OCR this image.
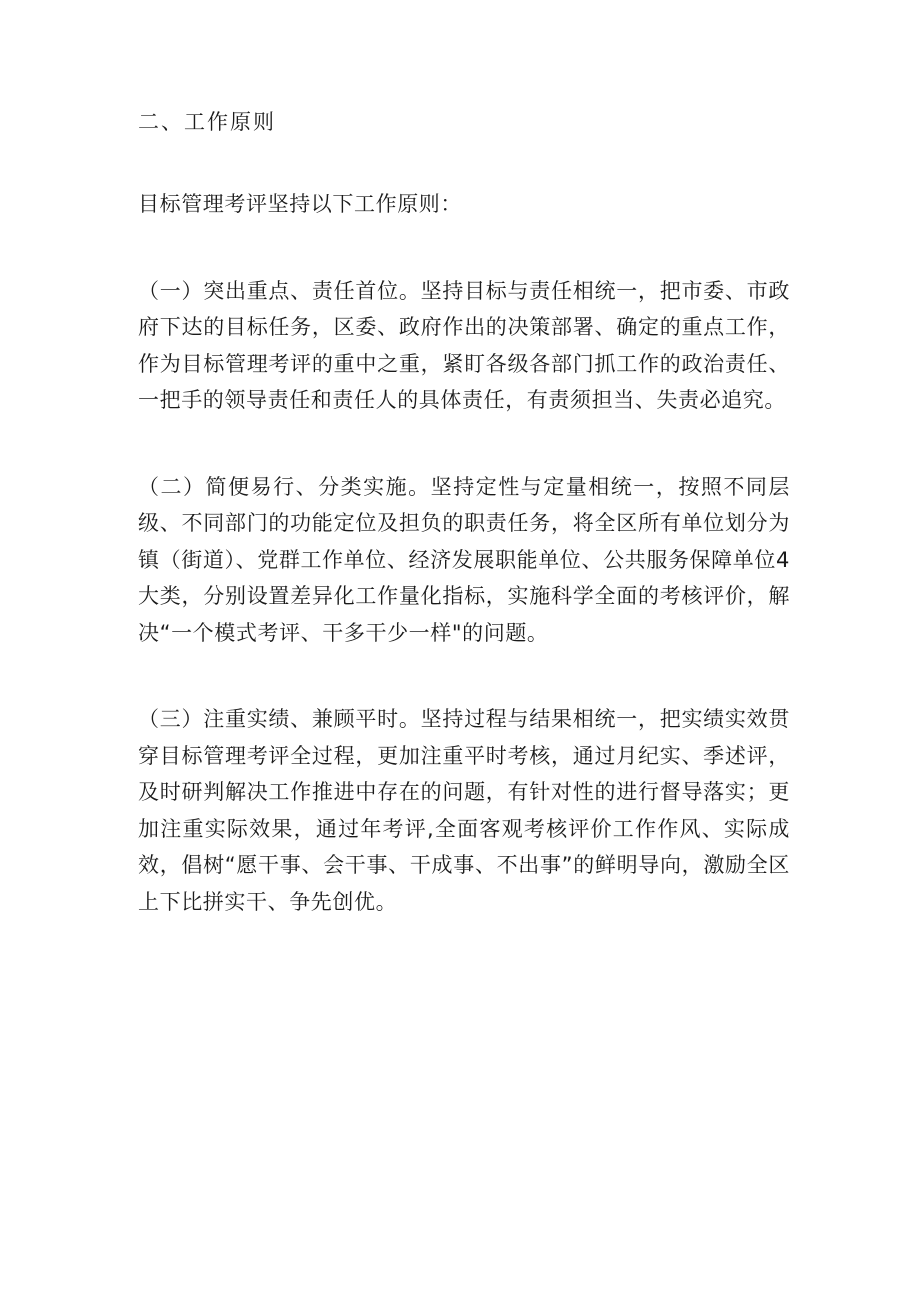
二、工作原则

目标管理考评坚持以下工作原则：

（一）突出重点、责任首位。坚持目标与责任相统一，把市委、市政府下达的目标任务，区委、政府作出的决策部署、确定的重点工作，作为目标管理考评的重中之重，紧盯各级各部门抓工作的政治责任、一把手的领导责任和责任人的具体责任，有责须担当、失责必追究。

（二）简便易行、分类实施。坚持定性与定量相统一，按照不同层级、不同部门的功能定位及担负的职责任务，将全区所有单位划分为镇（街道）、党群工作单位、经济发展职能单位、公共服务保障单位4大类，分别设置差异化工作量化指标，实施科学全面的考核评价，解决“一个模式考评、干多干少一样"的问题。

（三）注重实绩、兼顾平时。坚持过程与结果相统一，把实绩实效贯穿目标管理考评全过程，更加注重平时考核，通过月纪实、季述评，及时研判解决工作推进中存在的问题，有针对性的进行督导落实；更加注重实际效果，通过年考评,全面客观考核评价工作作风、实际成效，倡树“愿干事、会干事、干成事、不出事”的鲜明导向，激励全区上下比拼实干、争先创优。
